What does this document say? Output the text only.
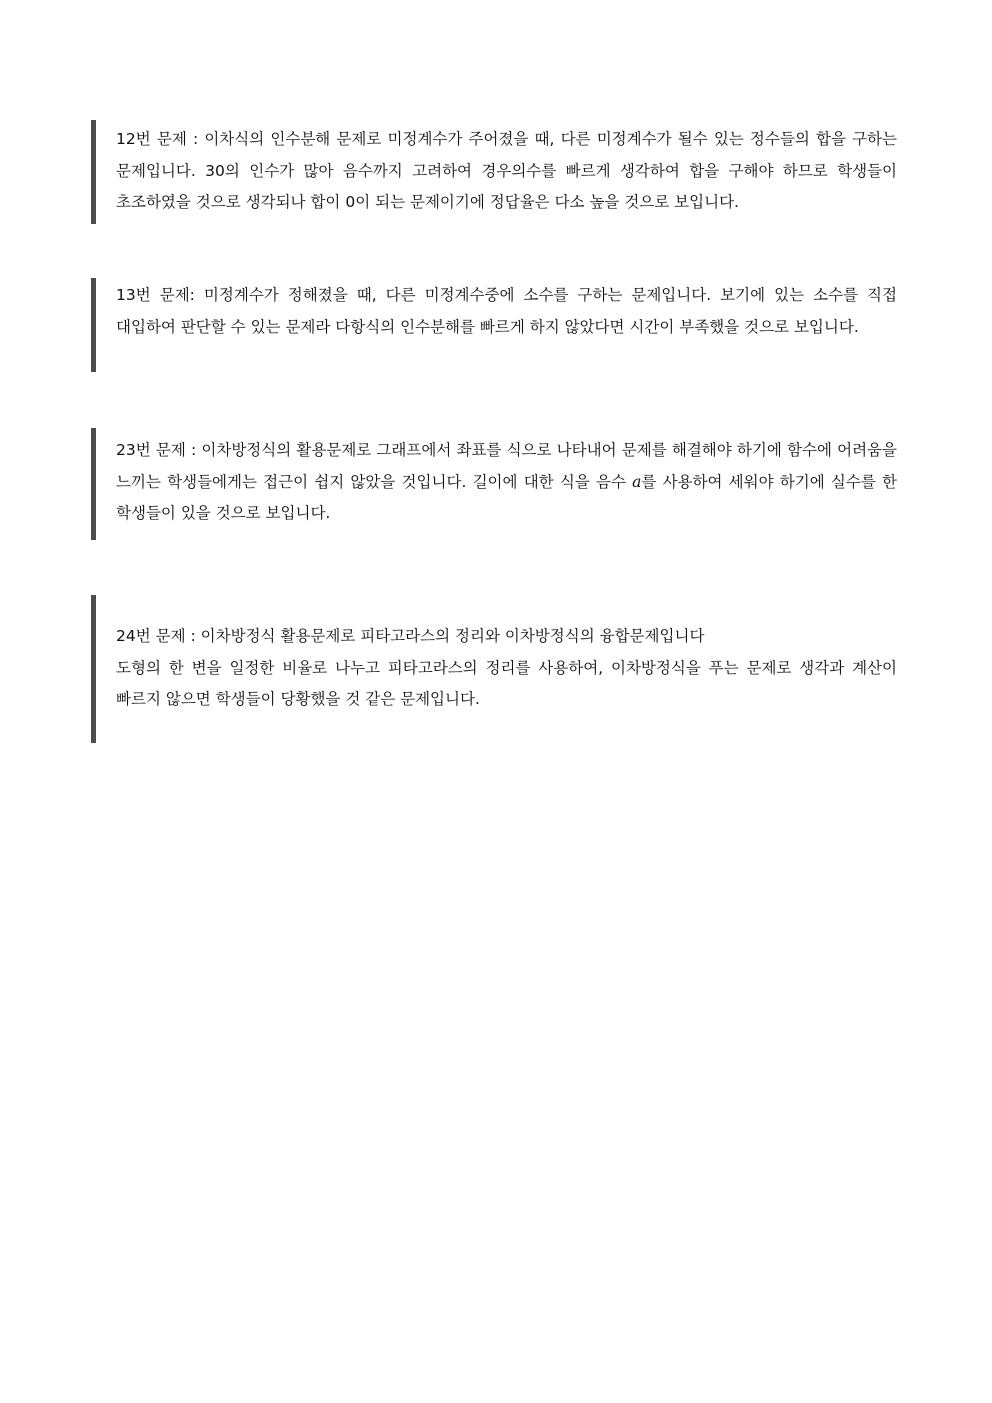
12번 문제 : 이차식의 인수분해 문제로 미정계수가 주어졌을 때, 다른 미정계수가 될수 있는 정수들의 합을 구하는 문제입니다. 30의 인수가 많아 음수까지 고려하여 경우의수를 빠르게 생각하여 합을 구해야 하므로 학생들이 초조하였을 것으로 생각되나 합이 0이 되는 문제이기에 정답율은 다소 높을 것으로 보입니다.

13번 문제: 미정계수가 정해졌을 때, 다른 미정계수중에 소수를 구하는 문제입니다. 보기에 있는 소수를 직접 대입하여 판단할 수 있는 문제라 다항식의 인수분해를 빠르게 하지 않았다면 시간이 부족했을 것으로 보입니다.

23번 문제 : 이차방정식의 활용문제로 그래프에서 좌표를 식으로 나타내어 문제를 해결해야 하기에 함수에 어려움을 느끼는 학생들에게는 접근이 쉽지 않았을 것입니다. 길이에 대한 식을 음수 a를 사용하여 세워야 하기에 실수를 한 학생들이 있을 것으로 보입니다.

24번 문제 : 이차방정식 활용문제로 피타고라스의 정리와 이차방정식의 융합문제입니다

도형의 한 변을 일정한 비율로 나누고 피타고라스의 정리를 사용하여, 이차방정식을 푸는 문제로 생각과 계산이 빠르지 않으면 학생들이 당황했을 것 같은 문제입니다.
